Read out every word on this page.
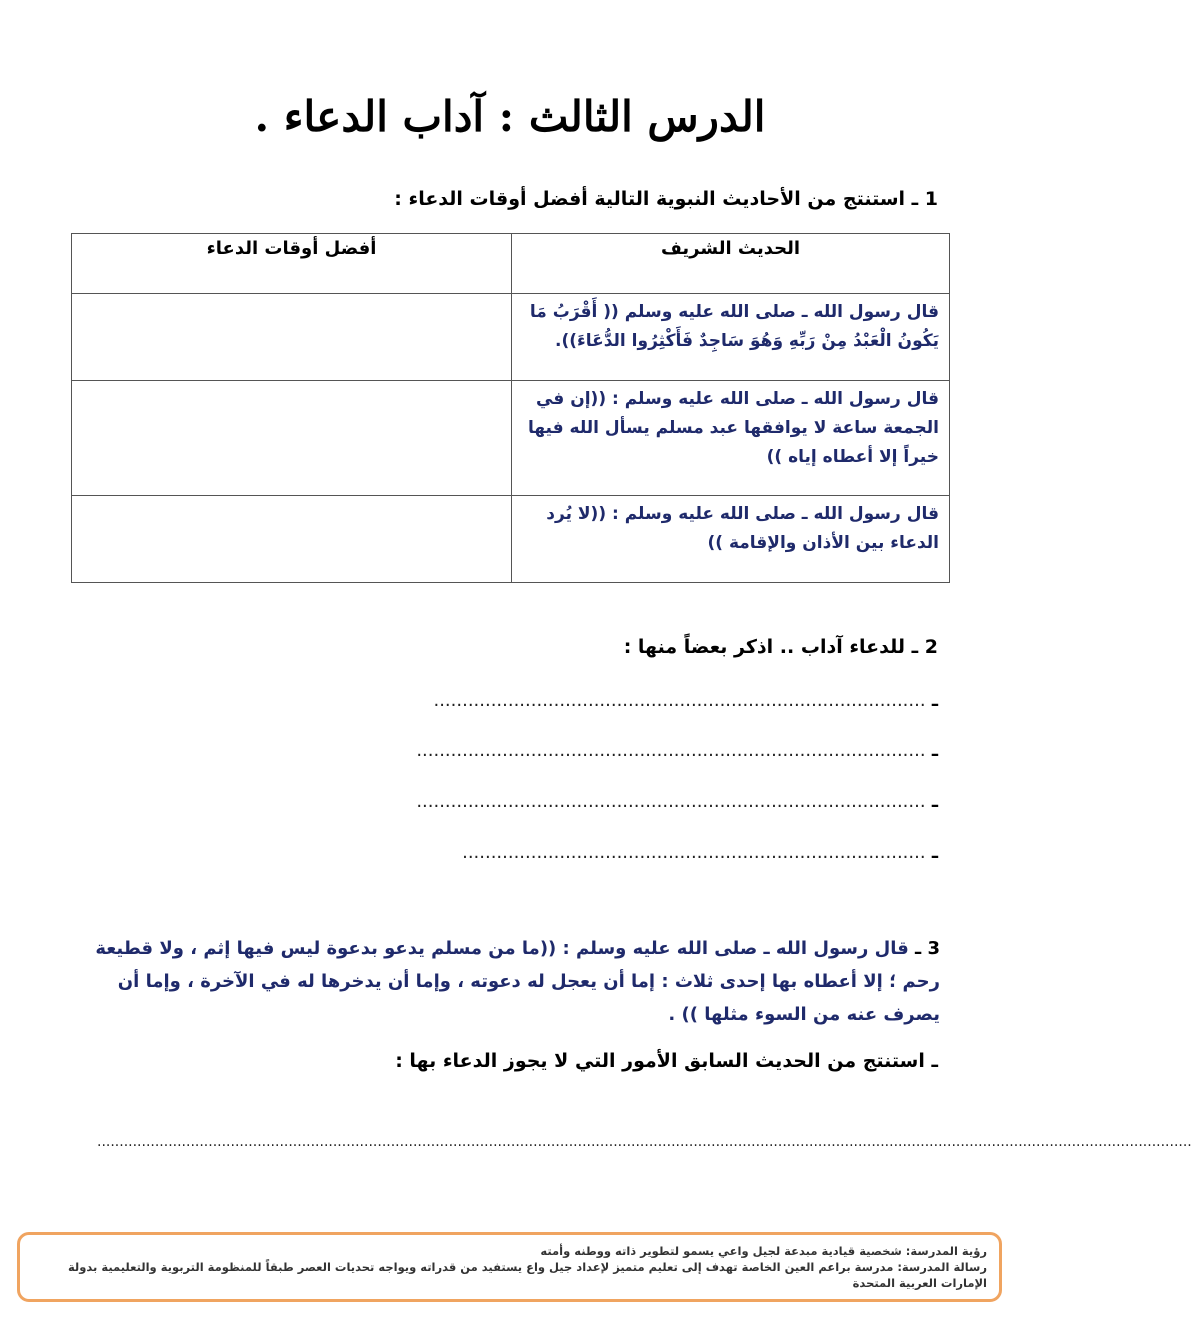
الدرس الثالث : آداب الدعاء .
1 ـ استنتج من الأحاديث النبوية التالية أفضل أوقات الدعاء :
الحديث الشريف	أفضل أوقات الدعاء
قال رسول الله ـ صلى الله عليه وسلم (( أَقْرَبُ مَا يَكُونُ الْعَبْدُ مِنْ رَبِّهِ وَهُوَ سَاجِدٌ فَأَكْثِرُوا الدُّعَاءَ)).	
قال رسول الله ـ صلى الله عليه وسلم : ((إن في الجمعة ساعة لا يوافقها عبد مسلم يسأل الله فيها خيراً إلا أعطاه إياه ))	
قال رسول الله ـ صلى الله عليه وسلم : ((لا يُرد الدعاء بين الأذان والإقامة ))	
2 ـ للدعاء آداب .. اذكر بعضاً منها :
ـ ......................................................................................
ـ .........................................................................................
ـ .........................................................................................
ـ .................................................................................
3 ـ قال رسول الله ـ صلى الله عليه وسلم : ((ما من مسلم يدعو بدعوة ليس فيها إثم ، ولا قطيعة رحم ؛ إلا أعطاه بها إحدى ثلاث : إما أن يعجل له دعوته ، وإما أن يدخرها له في الآخرة ، وإما أن يصرف عنه من السوء مثلها )) .
ـ استنتج من الحديث السابق الأمور التي لا يجوز الدعاء بها :
......................................................................................................................................................................................................................................................
رؤية المدرسة: شخصية قيادية مبدعة لجيل واعي يسمو لتطوير ذاته ووطنه وأمته
رسالة المدرسة: مدرسة براعم العين الخاصة تهدف إلى تعليم متميز لإعداد جيل واع يستفيد من قدراته ويواجه تحديات العصر طبقاً للمنظومة التربوية والتعليمية بدولة الإمارات العربية المتحدة
